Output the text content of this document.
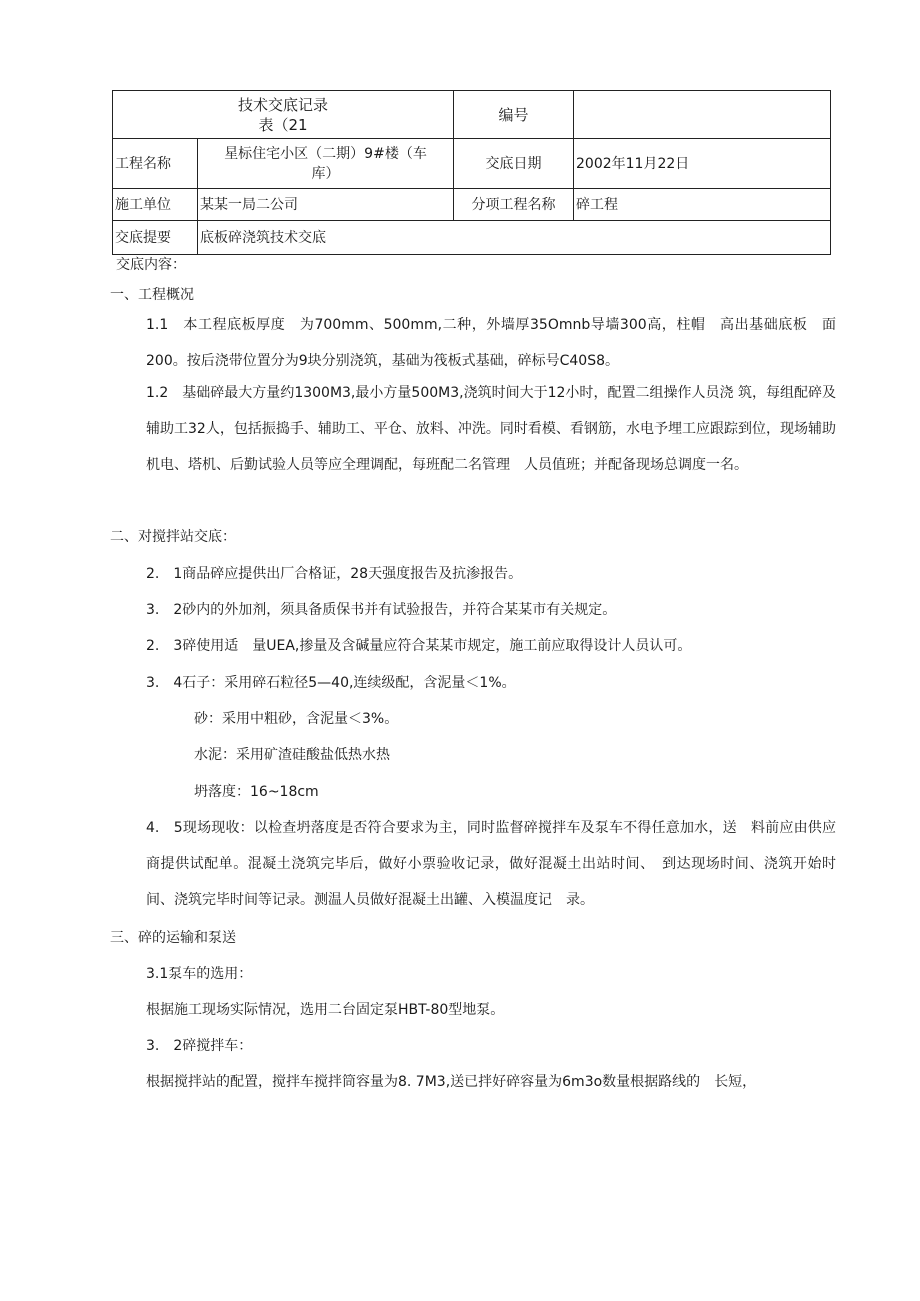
技术交底记录
表（21		编号	
工程名称	星标住宅小区（二期）9#楼（车库）	交底日期	2002年11月22日
施工单位	某某一局二公司	分项工程名称	碎工程
交底提要	底板碎浇筑技术交底		
交底内容：
一、工程概况
1.1　本工程底板厚度　为700mm、500mm,二种，外墙厚35Omnb导墙300高，柱帽　高出基础底板　面200。按后浇带位置分为9块分别浇筑，基础为筏板式基础，碎标号C40S8。
1.2　基础碎最大方量约1300M3,最小方量500M3,浇筑时间大于12小时，配置二组操作人员浇 筑，每组配碎及辅助工32人，包括振捣手、辅助工、平仓、放料、冲洗。同时看模、看钢筋，水电予埋工应跟踪到位，现场辅助机电、塔机、后勤试验人员等应全理调配，每班配二名管理　人员值班；并配备现场总调度一名。
二、对搅拌站交底：
2.　1商品碎应提供出厂合格证，28天强度报告及抗渗报告。
3.　2砂内的外加剂，须具备质保书并有试验报告，并符合某某市有关规定。
2.　3碎使用适　量UEA,掺量及含碱量应符合某某市规定，施工前应取得设计人员认可。
3.　4石子：采用碎石粒径5—40,连续级配，含泥量＜1%。
砂：采用中粗砂，含泥量＜3%。
水泥：采用矿渣硅酸盐低热水热
坍落度：16~18cm
4.　5现场现收：以检查坍落度是否符合要求为主，同时监督碎搅拌车及泵车不得任意加水，送　料前应由供应商提供试配单。混凝土浇筑完毕后，做好小票验收记录，做好混凝土出站时间、　到达现场时间、浇筑开始时间、浇筑完毕时间等记录。测温人员做好混凝土出罐、入模温度记　录。
三、碎的运输和泵送
3.1泵车的选用：
根据施工现场实际情况，选用二台固定泵HBT-80型地泵。
3.　2碎搅拌车：
根据搅拌站的配置，搅拌车搅拌筒容量为8. 7M3,送已拌好碎容量为6m3o数量根据路线的　长短，
